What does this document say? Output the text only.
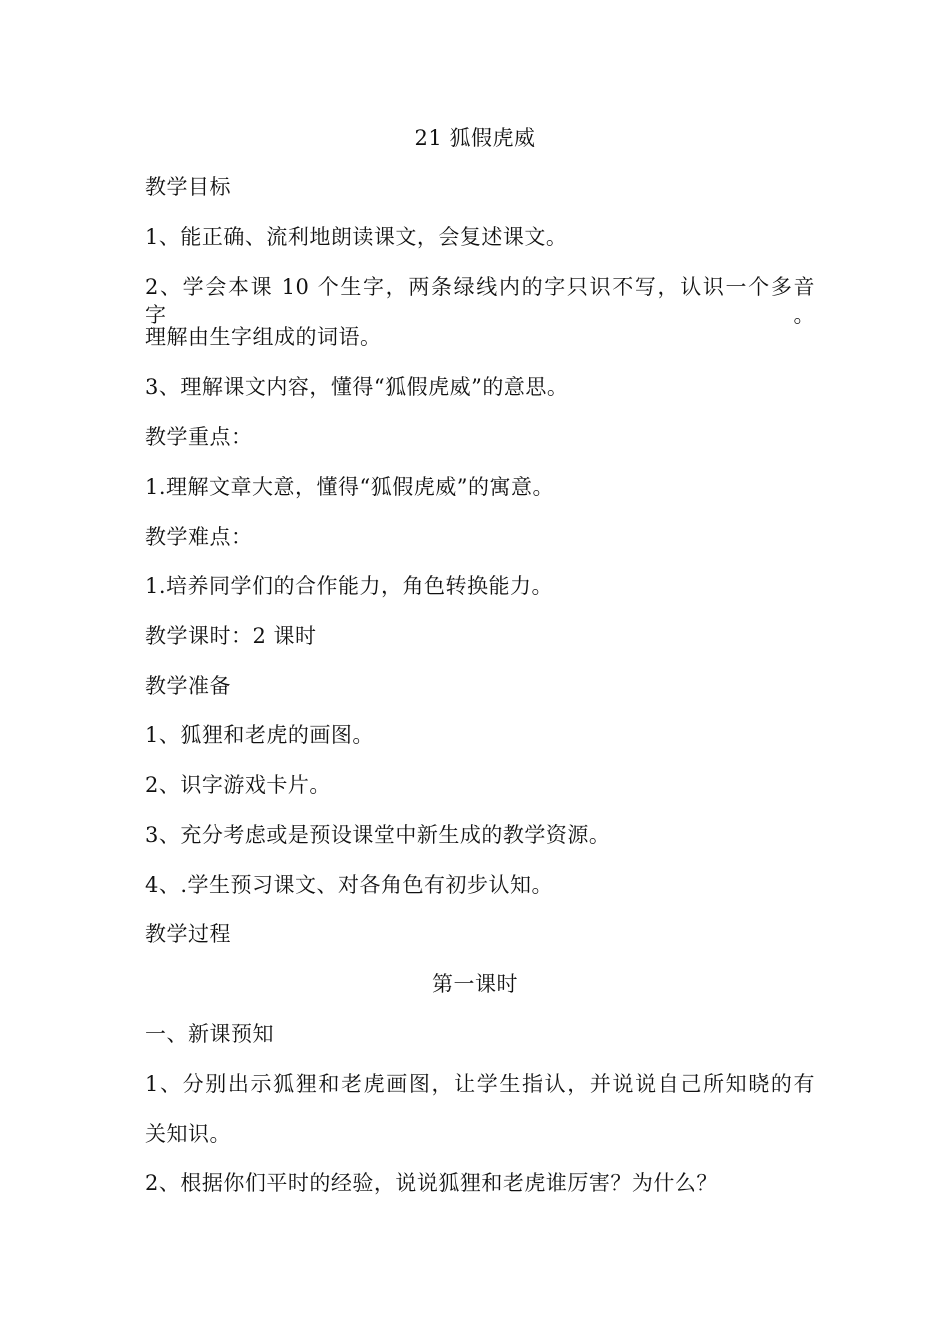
21 狐假虎威
教学目标
1、能正确、流利地朗读课文，会复述课文。
2、学会本课 10 个生字，两条绿线内的字只识不写，认识一个多音字。
理解由生字组成的词语。
3、理解课文内容，懂得“狐假虎威”的意思。
教学重点：
1.理解文章大意，懂得“狐假虎威”的寓意。
教学难点：
1.培养同学们的合作能力，角色转换能力。
教学课时：2 课时
教学准备
1、狐狸和老虎的画图。
2、识字游戏卡片。
3、充分考虑或是预设课堂中新生成的教学资源。
4、.学生预习课文、对各角色有初步认知。
教学过程
第一课时
一、新课预知
1、分别出示狐狸和老虎画图，让学生指认，并说说自己所知晓的有
关知识。
2、根据你们平时的经验，说说狐狸和老虎谁厉害？为什么？
